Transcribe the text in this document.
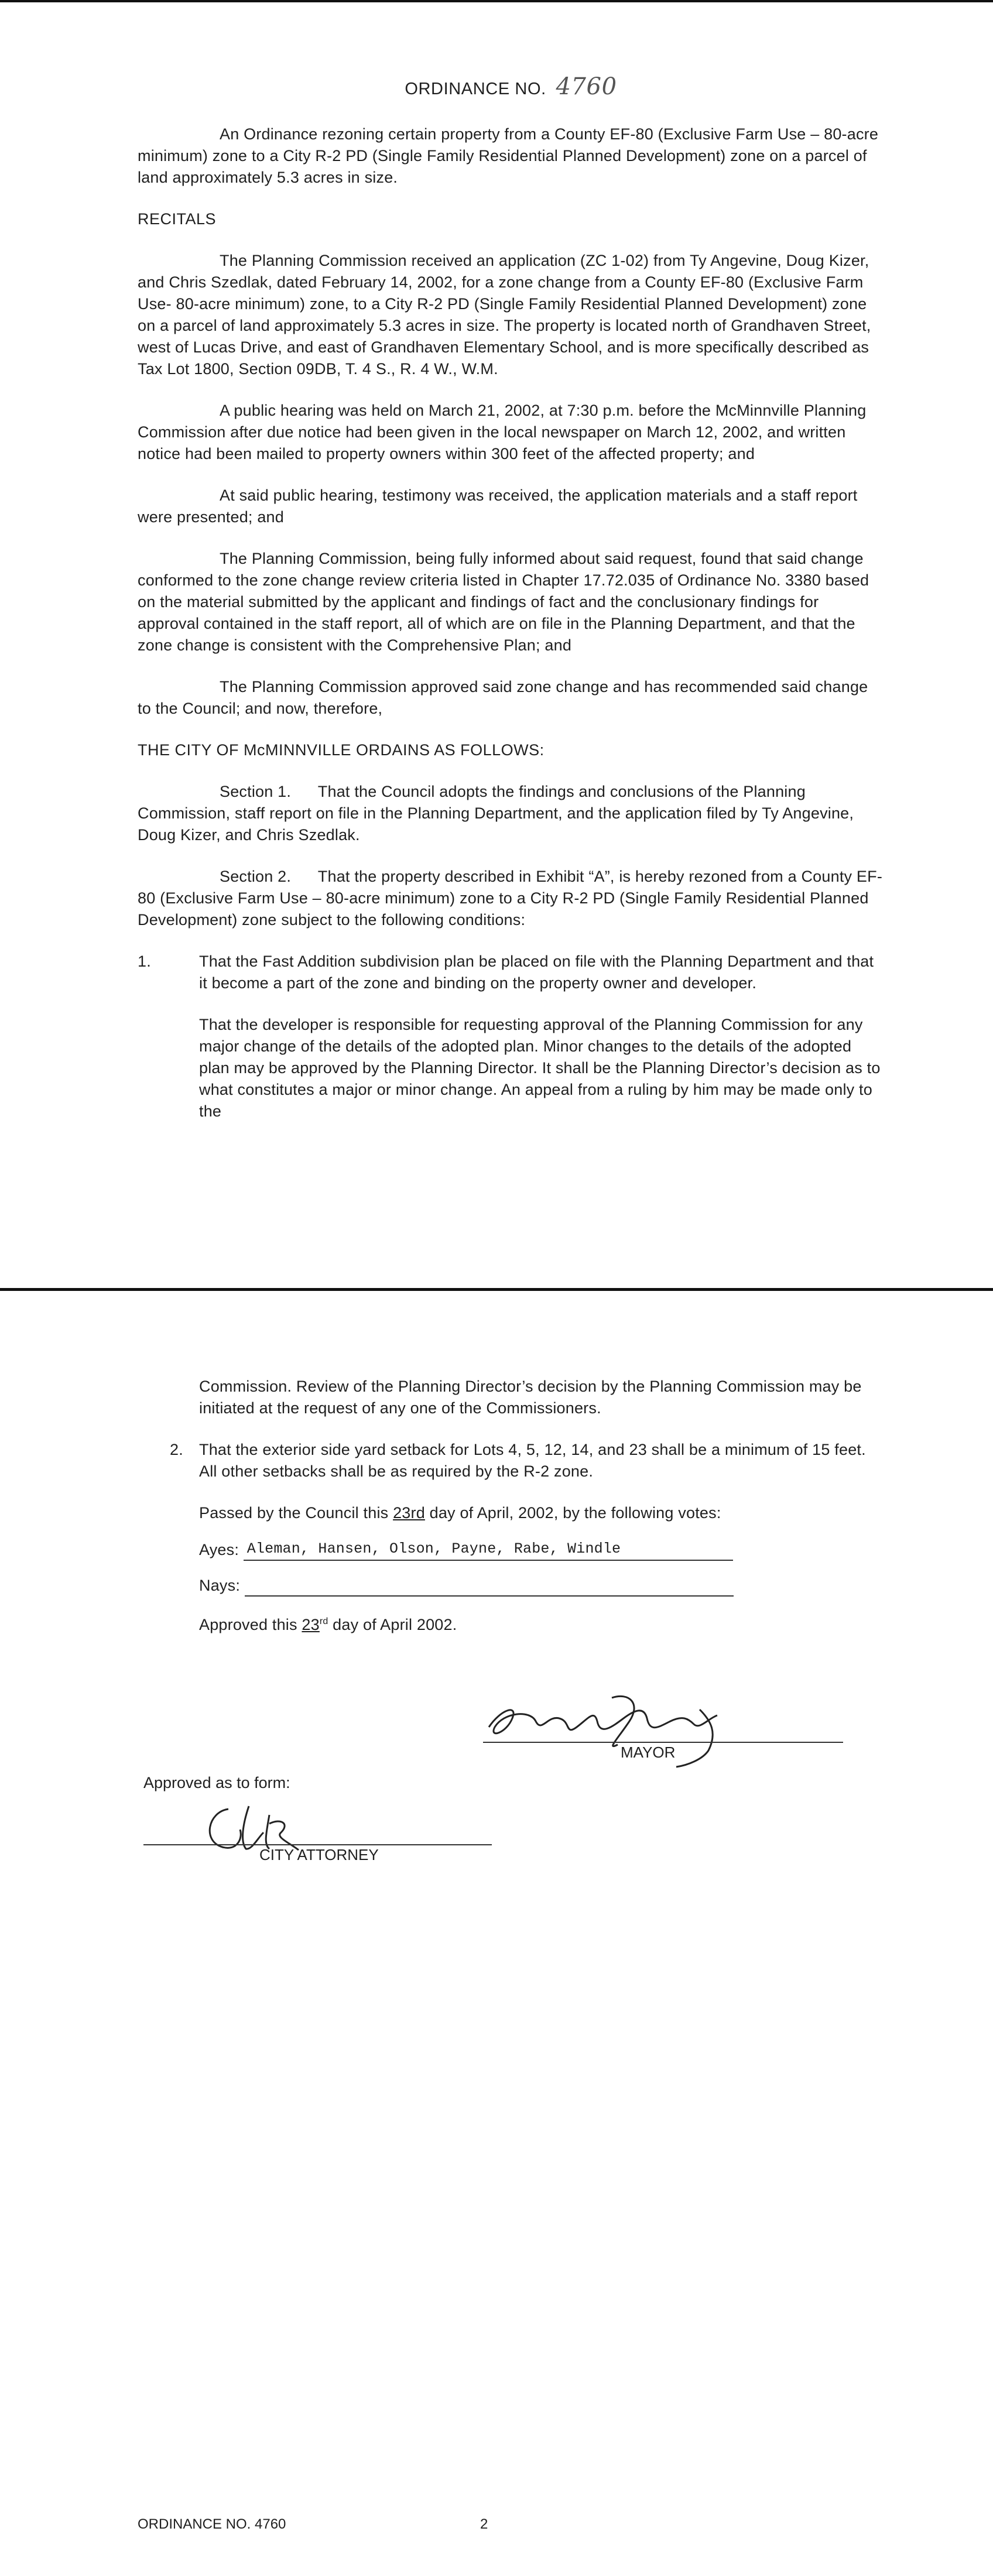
ORDINANCE NO. 4760

An Ordinance rezoning certain property from a County EF-80 (Exclusive Farm Use – 80-acre minimum) zone to a City R-2 PD (Single Family Residential Planned Development) zone on a parcel of land approximately 5.3 acres in size.

RECITALS

The Planning Commission received an application (ZC 1-02) from Ty Angevine, Doug Kizer, and Chris Szedlak, dated February 14, 2002, for a zone change from a County EF-80 (Exclusive Farm Use- 80-acre minimum) zone, to a City R-2 PD (Single Family Residential Planned Development) zone on a parcel of land approximately 5.3 acres in size. The property is located north of Grandhaven Street, west of Lucas Drive, and east of Grandhaven Elementary School, and is more specifically described as Tax Lot 1800, Section 09DB, T. 4 S., R. 4 W., W.M.

A public hearing was held on March 21, 2002, at 7:30 p.m. before the McMinnville Planning Commission after due notice had been given in the local newspaper on March 12, 2002, and written notice had been mailed to property owners within 300 feet of the affected property; and

At said public hearing, testimony was received, the application materials and a staff report were presented; and

The Planning Commission, being fully informed about said request, found that said change conformed to the zone change review criteria listed in Chapter 17.72.035 of Ordinance No. 3380 based on the material submitted by the applicant and findings of fact and the conclusionary findings for approval contained in the staff report, all of which are on file in the Planning Department, and that the zone change is consistent with the Comprehensive Plan; and

The Planning Commission approved said zone change and has recommended said change to the Council; and now, therefore,

THE CITY OF McMINNVILLE ORDAINS AS FOLLOWS:

Section 1.      That the Council adopts the findings and conclusions of the Planning Commission, staff report on file in the Planning Department, and the application filed by Ty Angevine, Doug Kizer, and Chris Szedlak.

Section 2.      That the property described in Exhibit “A”, is hereby rezoned from a County EF-80 (Exclusive Farm Use – 80-acre minimum) zone to a City R-2 PD (Single Family Residential Planned Development) zone subject to the following conditions:

1.	That the Fast Addition subdivision plan be placed on file with the Planning Department and that it become a part of the zone and binding on the property owner and developer.

That the developer is responsible for requesting approval of the Planning Commission for any major change of the details of the adopted plan. Minor changes to the details of the adopted plan may be approved by the Planning Director. It shall be the Planning Director’s decision as to what constitutes a major or minor change. An appeal from a ruling by him may be made only to the

Commission. Review of the Planning Director’s decision by the Planning Commission may be initiated at the request of any one of the Commissioners.

2. That the exterior side yard setback for Lots 4, 5, 12, 14, and 23 shall be a minimum of 15 feet. All other setbacks shall be as required by the R-2 zone.

Passed by the Council this 23rd day of April, 2002, by the following votes:

Ayes: Aleman, Hansen, Olson, Payne, Rabe, Windle

Nays:

Approved this 23rd day of April 2002.

MAYOR
Approved as to form:
CITY ATTORNEY
ORDINANCE NO. 4760	2
